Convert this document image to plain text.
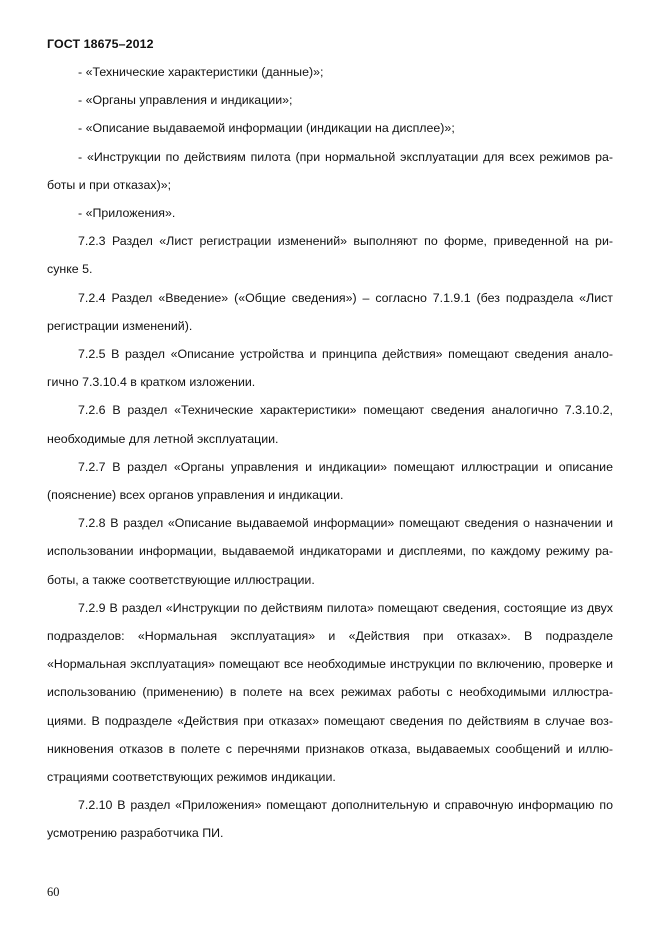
ГОСТ 18675–2012
- «Технические характеристики (данные)»;
- «Органы управления и индикации»;
- «Описание выдаваемой информации (индикации на дисплее)»;
- «Инструкции по действиям пилота (при нормальной эксплуатации для всех режимов ра-боты и при отказах)»;
- «Приложения».
7.2.3 Раздел «Лист регистрации изменений» выполняют по форме, приведенной на ри-сунке 5.
7.2.4 Раздел «Введение» («Общие сведения») – согласно 7.1.9.1 (без подраздела «Лист регистрации изменений).
7.2.5 В раздел «Описание устройства и принципа действия» помещают сведения анало-гично 7.3.10.4 в кратком изложении.
7.2.6 В раздел «Технические характеристики» помещают сведения аналогично 7.3.10.2, необходимые для летной эксплуатации.
7.2.7 В раздел «Органы управления и индикации» помещают иллюстрации и описание (пояснение) всех органов управления и индикации.
7.2.8 В раздел «Описание выдаваемой информации» помещают сведения о назначении и использовании информации, выдаваемой индикаторами и дисплеями, по каждому режиму ра-боты, а также соответствующие иллюстрации.
7.2.9 В раздел «Инструкции по действиям пилота» помещают сведения, состоящие из двух подразделов: «Нормальная эксплуатация» и «Действия при отказах». В подразделе «Нормальная эксплуатация» помещают все необходимые инструкции по включению, проверке и использованию (применению) в полете на всех режимах работы с необходимыми иллюстра-циями. В подразделе «Действия при отказах» помещают сведения по действиям в случае воз-никновения отказов в полете с перечнями признаков отказа, выдаваемых сообщений и иллю-страциями соответствующих режимов индикации.
7.2.10 В раздел «Приложения» помещают дополнительную и справочную информацию по усмотрению разработчика ПИ.
60
